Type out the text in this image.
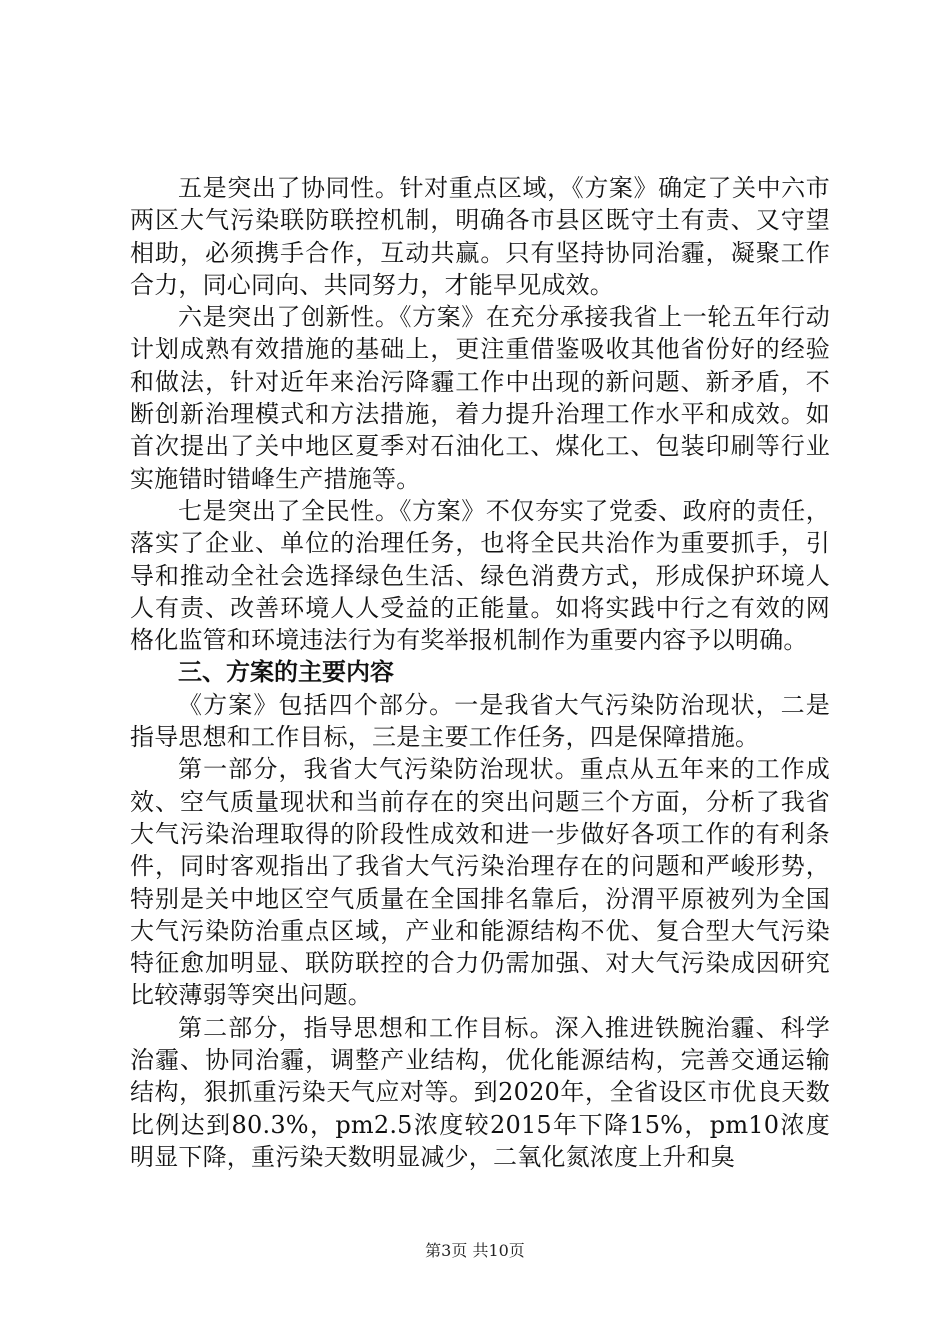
五是突出了协同性。针对重点区域，《方案》确定了关中六市两区大气污染联防联控机制，明确各市县区既守土有责、又守望相助，必须携手合作，互动共赢。只有坚持协同治霾，凝聚工作合力，同心同向、共同努力，才能早见成效。

六是突出了创新性。《方案》在充分承接我省上一轮五年行动计划成熟有效措施的基础上，更注重借鉴吸收其他省份好的经验和做法，针对近年来治污降霾工作中出现的新问题、新矛盾，不断创新治理模式和方法措施，着力提升治理工作水平和成效。如首次提出了关中地区夏季对石油化工、煤化工、包装印刷等行业实施错时错峰生产措施等。

七是突出了全民性。《方案》不仅夯实了党委、政府的责任，落实了企业、单位的治理任务，也将全民共治作为重要抓手，引导和推动全社会选择绿色生活、绿色消费方式，形成保护环境人人有责、改善环境人人受益的正能量。如将实践中行之有效的网格化监管和环境违法行为有奖举报机制作为重要内容予以明确。

三、方案的主要内容

《方案》包括四个部分。一是我省大气污染防治现状，二是指导思想和工作目标，三是主要工作任务，四是保障措施。

第一部分，我省大气污染防治现状。重点从五年来的工作成效、空气质量现状和当前存在的突出问题三个方面，分析了我省大气污染治理取得的阶段性成效和进一步做好各项工作的有利条件，同时客观指出了我省大气污染治理存在的问题和严峻形势，特别是关中地区空气质量在全国排名靠后，汾渭平原被列为全国大气污染防治重点区域，产业和能源结构不优、复合型大气污染特征愈加明显、联防联控的合力仍需加强、对大气污染成因研究比较薄弱等突出问题。

第二部分，指导思想和工作目标。深入推进铁腕治霾、科学治霾、协同治霾，调整产业结构，优化能源结构，完善交通运输结构，狠抓重污染天气应对等。到2020年，全省设区市优良天数比例达到80.3%，pm2.5浓度较2015年下降15%，pm10浓度明显下降，重污染天数明显减少，二氧化氮浓度上升和臭

第3页 共10页
